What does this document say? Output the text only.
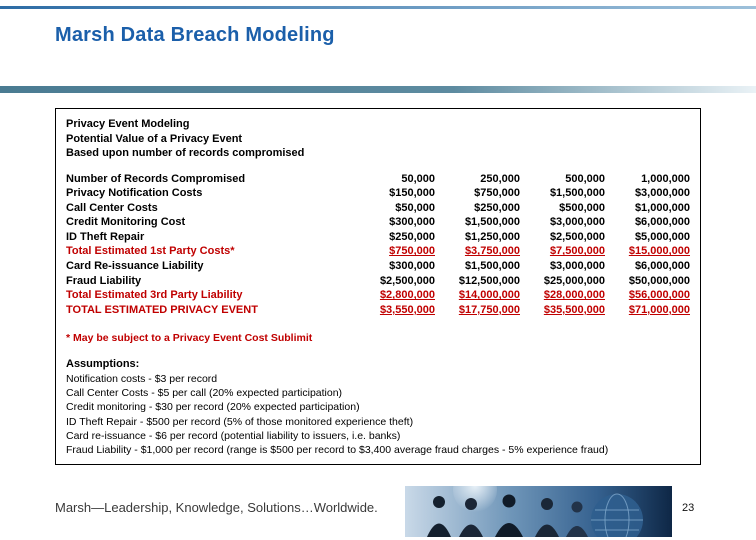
Marsh Data Breach Modeling
Privacy Event Modeling
Potential Value of a Privacy Event
Based upon number of records compromised
Number of Records Compromised	50,000	250,000	500,000	1,000,000
Privacy Notification Costs	$150,000	$750,000	$1,500,000	$3,000,000
Call Center Costs	$50,000	$250,000	$500,000	$1,000,000
Credit Monitoring Cost	$300,000	$1,500,000	$3,000,000	$6,000,000
ID Theft Repair	$250,000	$1,250,000	$2,500,000	$5,000,000
Total Estimated 1st Party Costs*	$750,000	$3,750,000	$7,500,000	$15,000,000
Card Re-issuance Liability	$300,000	$1,500,000	$3,000,000	$6,000,000
Fraud Liability	$2,500,000	$12,500,000	$25,000,000	$50,000,000
Total Estimated 3rd Party Liability	$2,800,000	$14,000,000	$28,000,000	$56,000,000
TOTAL ESTIMATED PRIVACY EVENT	$3,550,000	$17,750,000	$35,500,000	$71,000,000
* May be subject to a Privacy Event Cost Sublimit
Assumptions:
Notification costs - $3 per record
Call Center Costs - $5 per call (20% expected participation)
Credit monitoring - $30 per record (20% expected participation)
ID Theft Repair - $500 per record (5% of those monitored experience theft)
Card re-issuance - $6 per record (potential liability to issuers, i.e. banks)
Fraud Liability - $1,000 per record (range is $500 per record to $3,400 average fraud charges - 5% experience fraud)
Marsh—Leadership, Knowledge, Solutions…Worldwide.	23
